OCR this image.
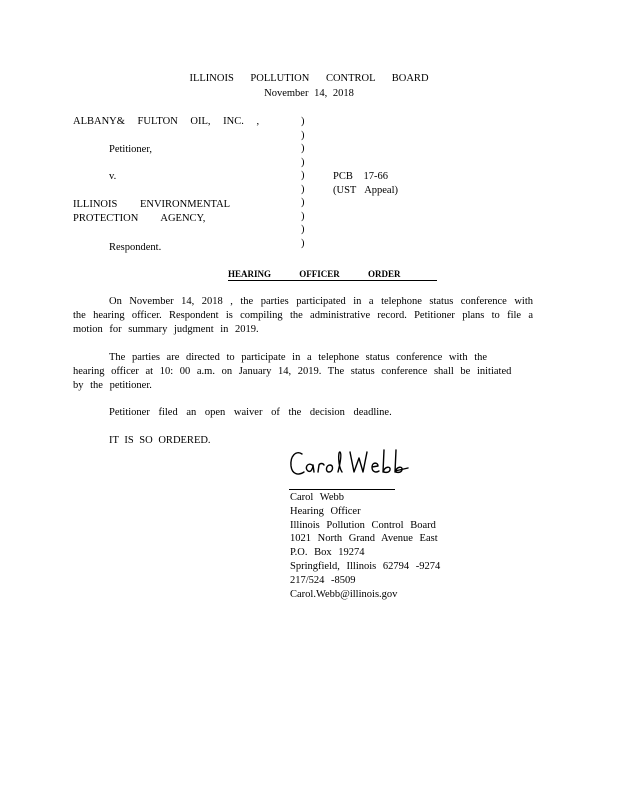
ILLINOIS POLLUTION CONTROL BOARD
November 14, 2018
ALBANY& FULTON OIL, INC. ,
Petitioner,
v.
ILLINOIS ENVIRONMENTAL
PROTECTION AGENCY,
Respondent.
)
)
)
)
)
)
)
)
)
)
PCB 17-66
(UST Appeal)
HEARING OFFICER ORDER
On November 14, 2018 , the parties participated in a telephone status conference with the hearing officer. Respondent is compiling the administrative record. Petitioner plans to file a motion for summary judgment in 2019.
The parties are directed to participate in a telephone status conference with the hearing officer at 10: 00 a.m. on January 14, 2019. The status conference shall be initiated by the petitioner.
Petitioner filed an open waiver of the decision deadline.
IT IS SO ORDERED.
Carol Webb
Hearing Officer
Illinois Pollution Control Board
1021 North Grand Avenue East
P.O. Box 19274
Springfield, Illinois 62794 -9274
217/524 -8509
Carol.Webb@illinois.gov
